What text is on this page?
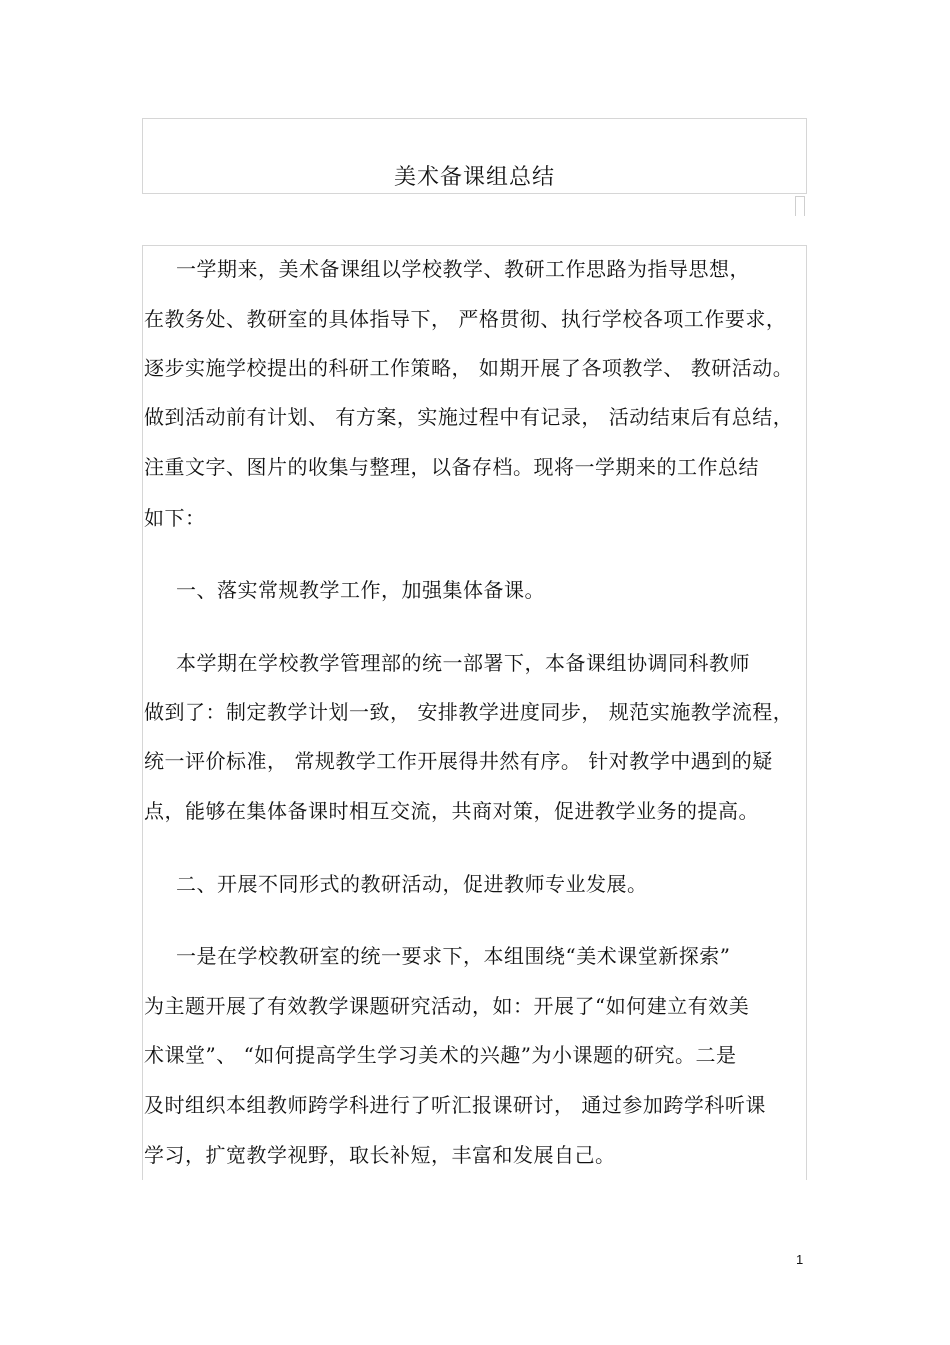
美术备课组总结
一学期来，美术备课组以学校教学、教研工作思路为指导思想，
在教务处、教研室的具体指导下， 严格贯彻、执行学校各项工作要求，
逐步实施学校提出的科研工作策略， 如期开展了各项教学、 教研活动。
做到活动前有计划、 有方案，实施过程中有记录， 活动结束后有总结，
注重文字、图片的收集与整理，以备存档。现将一学期来的工作总结
如下：
一、落实常规教学工作，加强集体备课。
本学期在学校教学管理部的统一部署下，本备课组协调同科教师
做到了：制定教学计划一致， 安排教学进度同步， 规范实施教学流程，
统一评价标准， 常规教学工作开展得井然有序。 针对教学中遇到的疑
点，能够在集体备课时相互交流，共商对策，促进教学业务的提高。
二、开展不同形式的教研活动，促进教师专业发展。
一是在学校教研室的统一要求下，本组围绕“美术课堂新探索”
为主题开展了有效教学课题研究活动，如：开展了“如何建立有效美
术课堂”、 “如何提高学生学习美术的兴趣”为小课题的研究。二是
及时组织本组教师跨学科进行了听汇报课研讨， 通过参加跨学科听课
学习，扩宽教学视野，取长补短，丰富和发展自己。
1
